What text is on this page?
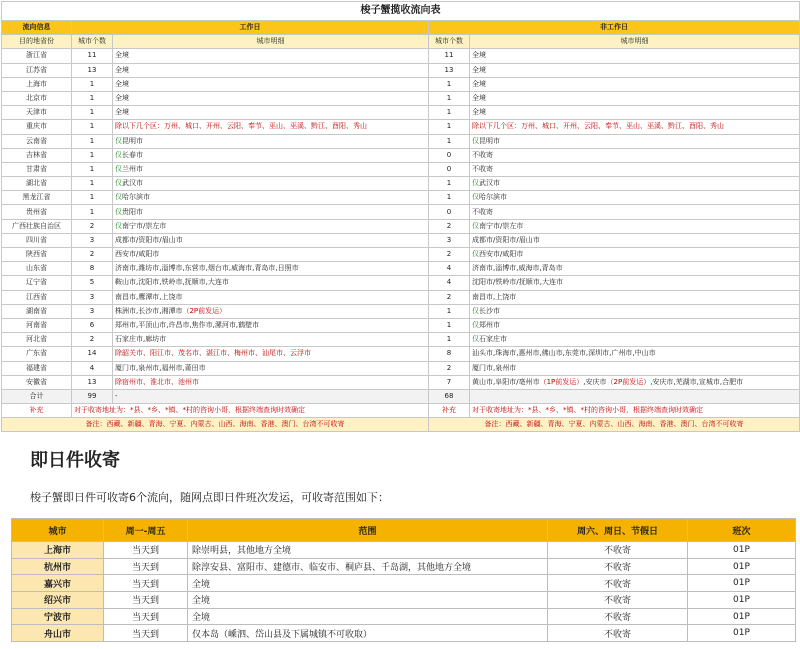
梭子蟹揽收流向表				
流向信息	工作日		非工作日	
目的地省份	城市个数	城市明细	城市个数	城市明细
浙江省	11	全境	11	全境
江苏省	13	全境	13	全境
上海市	1	全境	1	全境
北京市	1	全境	1	全境
天津市	1	全境	1	全境
重庆市	1	除以下几个区：万州、城口、开州、云阳、奉节、巫山、巫溪、黔江、酉阳、秀山	1	除以下几个区：万州、城口、开州、云阳、奉节、巫山、巫溪、黔江、酉阳、秀山
云南省	1	仅昆明市	1	仅昆明市
吉林省	1	仅长春市	0	不收寄
甘肃省	1	仅兰州市	0	不收寄
湖北省	1	仅武汉市	1	仅武汉市
黑龙江省	1	仅哈尔滨市	1	仅哈尔滨市
贵州省	1	仅贵阳市	0	不收寄
广西壮族自治区	2	仅南宁市/崇左市	2	仅南宁市/崇左市
四川省	3	成都市/资阳市/眉山市	3	成都市/资阳市/眉山市
陕西省	2	西安市/咸阳市	2	仅西安市/咸阳市
山东省	8	济南市,潍坊市,淄博市,东营市,烟台市,威海市,青岛市,日照市	4	济南市,淄博市,威海市,青岛市
辽宁省	5	鞍山市,沈阳市,铁岭市,抚顺市,大连市	4	沈阳市/铁岭市/抚顺市,大连市
江西省	3	南昌市,鹰潭市,上饶市	2	南昌市,上饶市
湖南省	3	株洲市,长沙市,湘潭市（2P前发运）	1	仅长沙市
河南省	6	郑州市,平顶山市,许昌市,焦作市,漯河市,鹤壁市	1	仅郑州市
河北省	2	石家庄市,廊坊市	1	仅石家庄市
广东省	14	除韶关市、阳江市、茂名市、湛江市、梅州市、汕尾市、云浮市	8	汕头市,珠海市,惠州市,佛山市,东莞市,深圳市,广州市,中山市
福建省	4	厦门市,泉州市,福州市,莆田市	2	厦门市,泉州市
安徽省	13	除宿州市、淮北市、池州市	7	黄山市,阜阳市/亳州市（1P前发运）,安庆市（2P前发运）,安庆市,芜湖市,宣城市,合肥市
合计	99	-	68	
补充	对于收寄地址为：*县、*乡、*镇、*村的咨询小哥，根据终端查询时效确定		补充	对于收寄地址为：*县、*乡、*镇、*村的咨询小哥，根据终端查询时效确定
备注：西藏、新疆、青海、宁夏、内蒙古、山西、海南、香港、澳门、台湾不可收寄			备注：西藏、新疆、青海、宁夏、内蒙古、山西、海南、香港、澳门、台湾不可收寄	
即日件收寄

梭子蟹即日件可收寄6个流向，随网点即日件班次发运，可收寄范围如下：

城市	周一-周五	范围	周六、周日、节假日	班次
上海市	当天到	除崇明县，其他地方全境	不收寄	01P
杭州市	当天到	除淳安县、富阳市、建德市、临安市、桐庐县、千岛湖，其他地方全境	不收寄	01P
嘉兴市	当天到	全境	不收寄	01P
绍兴市	当天到	全境	不收寄	01P
宁波市	当天到	全境	不收寄	01P
舟山市	当天到	仅本岛（嵊泗、岱山县及下属城镇不可收取）	不收寄	01P
